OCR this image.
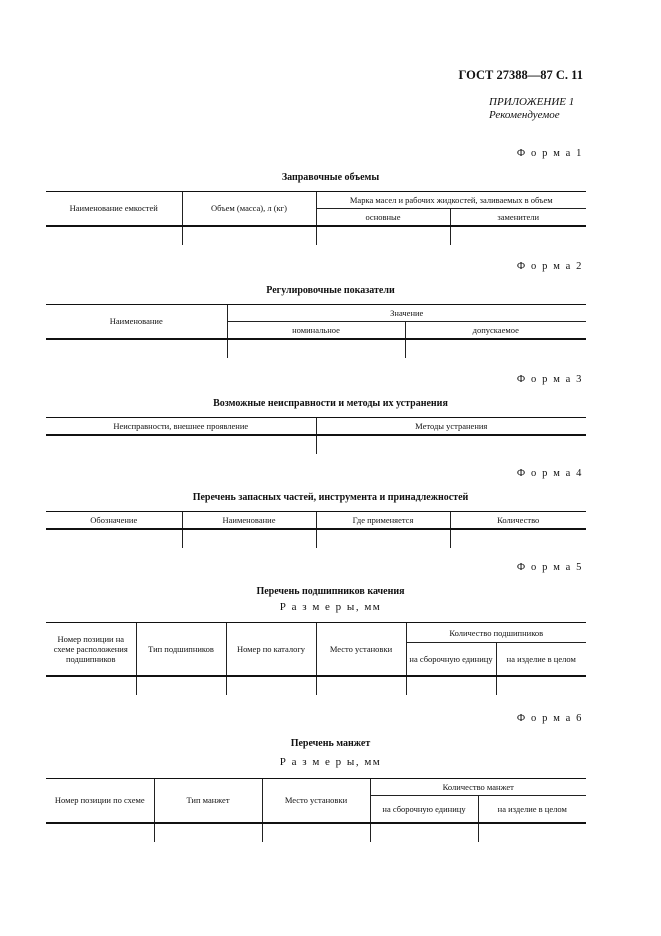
ГОСТ 27388—87 С. 11
ПРИЛОЖЕНИЕ 1
Рекомендуемое
Ф о р м а 1
Заправочные объемы
Наименование емкостей	Объем (масса), л (кг)	Марка масел и рабочих жидкостей, заливаемых в объем	
		основные	заменители

Ф о р м а 2
Регулировочные показатели
Наименование	Значение	
	номинальное	допускаемое

Ф о р м а 3
Возможные неисправности и методы их устранения
Неисправности, внешнее проявление	Методы устранения

Ф о р м а 4
Перечень запасных частей, инструмента и принадлежностей
Обозначение	Наименование	Где применяется	Количество

Ф о р м а 5
Перечень подшипников качения
Р а з м е р ы, мм
Номер позиции на схеме расположения подшипников	Тип подшипников	Номер по каталогу	Место установки	Количество подшипников	
				на сборочную единицу	на изделие в целом

Ф о р м а 6
Перечень манжет
Р а з м е р ы, мм
Номер позиции по схеме	Тип манжет	Место установки	Количество манжет	
			на сборочную единицу	на изделие в целом
